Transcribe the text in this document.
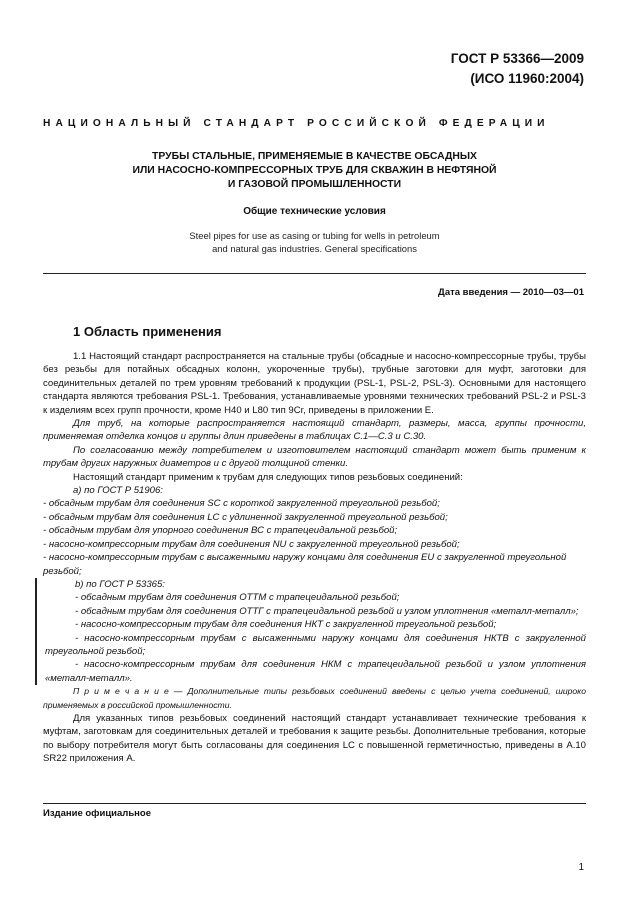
ГОСТ Р 53366—2009
(ИСО 11960:2004)
НАЦИОНАЛЬНЫЙ СТАНДАРТ РОССИЙСКОЙ ФЕДЕРАЦИИ
ТРУБЫ СТАЛЬНЫЕ, ПРИМЕНЯЕМЫЕ В КАЧЕСТВЕ ОБСАДНЫХ
ИЛИ НАСОСНО-КОМПРЕССОРНЫХ ТРУБ ДЛЯ СКВАЖИН В НЕФТЯНОЙ
И ГАЗОВОЙ ПРОМЫШЛЕННОСТИ
Общие технические условия
Steel pipes for use as casing or tubing for wells in petroleum
and natural gas industries. General specifications
Дата введения — 2010—03—01
1 Область применения

1.1 Настоящий стандарт распространяется на стальные трубы (обсадные и насосно-компрессорные трубы, трубы без резьбы для потайных обсадных колонн, укороченные трубы), трубные заготовки для муфт, заготовки для соединительных деталей по трем уровням требований к продукции (PSL-1, PSL-2, PSL-3). Основными для настоящего стандарта являются требования PSL-1. Требования, устанавливаемые уровнями технических требований PSL-2 и PSL-3 к изделиям всех групп прочности, кроме Н40 и L80 тип 9Cr, приведены в приложении Е.

Для труб, на которые распространяется настоящий стандарт, размеры, масса, группы прочности, применяемая отделка концов и группы длин приведены в таблицах С.1—С.3 и С.30.

По согласованию между потребителем и изготовителем настоящий стандарт может быть применим к трубам других наружных диаметров и с другой толщиной стенки.

Настоящий стандарт применим к трубам для следующих типов резьбовых соединений:

а) по ГОСТ Р 51906:

- обсадным трубам для соединения SC с короткой закругленной треугольной резьбой;

- обсадным трубам для соединения LC с удлиненной закругленной треугольной резьбой;

- обсадным трубам для упорного соединения ВС с трапецеидальной резьбой;

- насосно-компрессорным трубам для соединения NU с закругленной треугольной резьбой;

- насосно-компрессорным трубам с высаженными наружу концами для соединения EU с закругленной треугольной резьбой;

b) по ГОСТ Р 53365:

- обсадным трубам для соединения ОТТМ с трапецеидальной резьбой;

- обсадным трубам для соединения ОТТГ с трапецеидальной резьбой и узлом уплотнения «металл-металл»;

- насосно-компрессорным трубам для соединения НКТ с закругленной треугольной резьбой;

- насосно-компрессорным трубам с высаженными наружу концами для соединения НКТВ с закругленной треугольной резьбой;

- насосно-компрессорным трубам для соединения НКМ с трапецеидальной резьбой и узлом уплотнения «металл-металл».

П р и м е ч а н и е — Дополнительные типы резьбовых соединений введены с целью учета соединений, широко применяемых в российской промышленности.

Для указанных типов резьбовых соединений настоящий стандарт устанавливает технические требования к муфтам, заготовкам для соединительных деталей и требования к защите резьбы. Дополнительные требования, которые по выбору потребителя могут быть согласованы для соединения LC с повышенной герметичностью, приведены в А.10 SR22 приложения А.

Издание официальное
1
